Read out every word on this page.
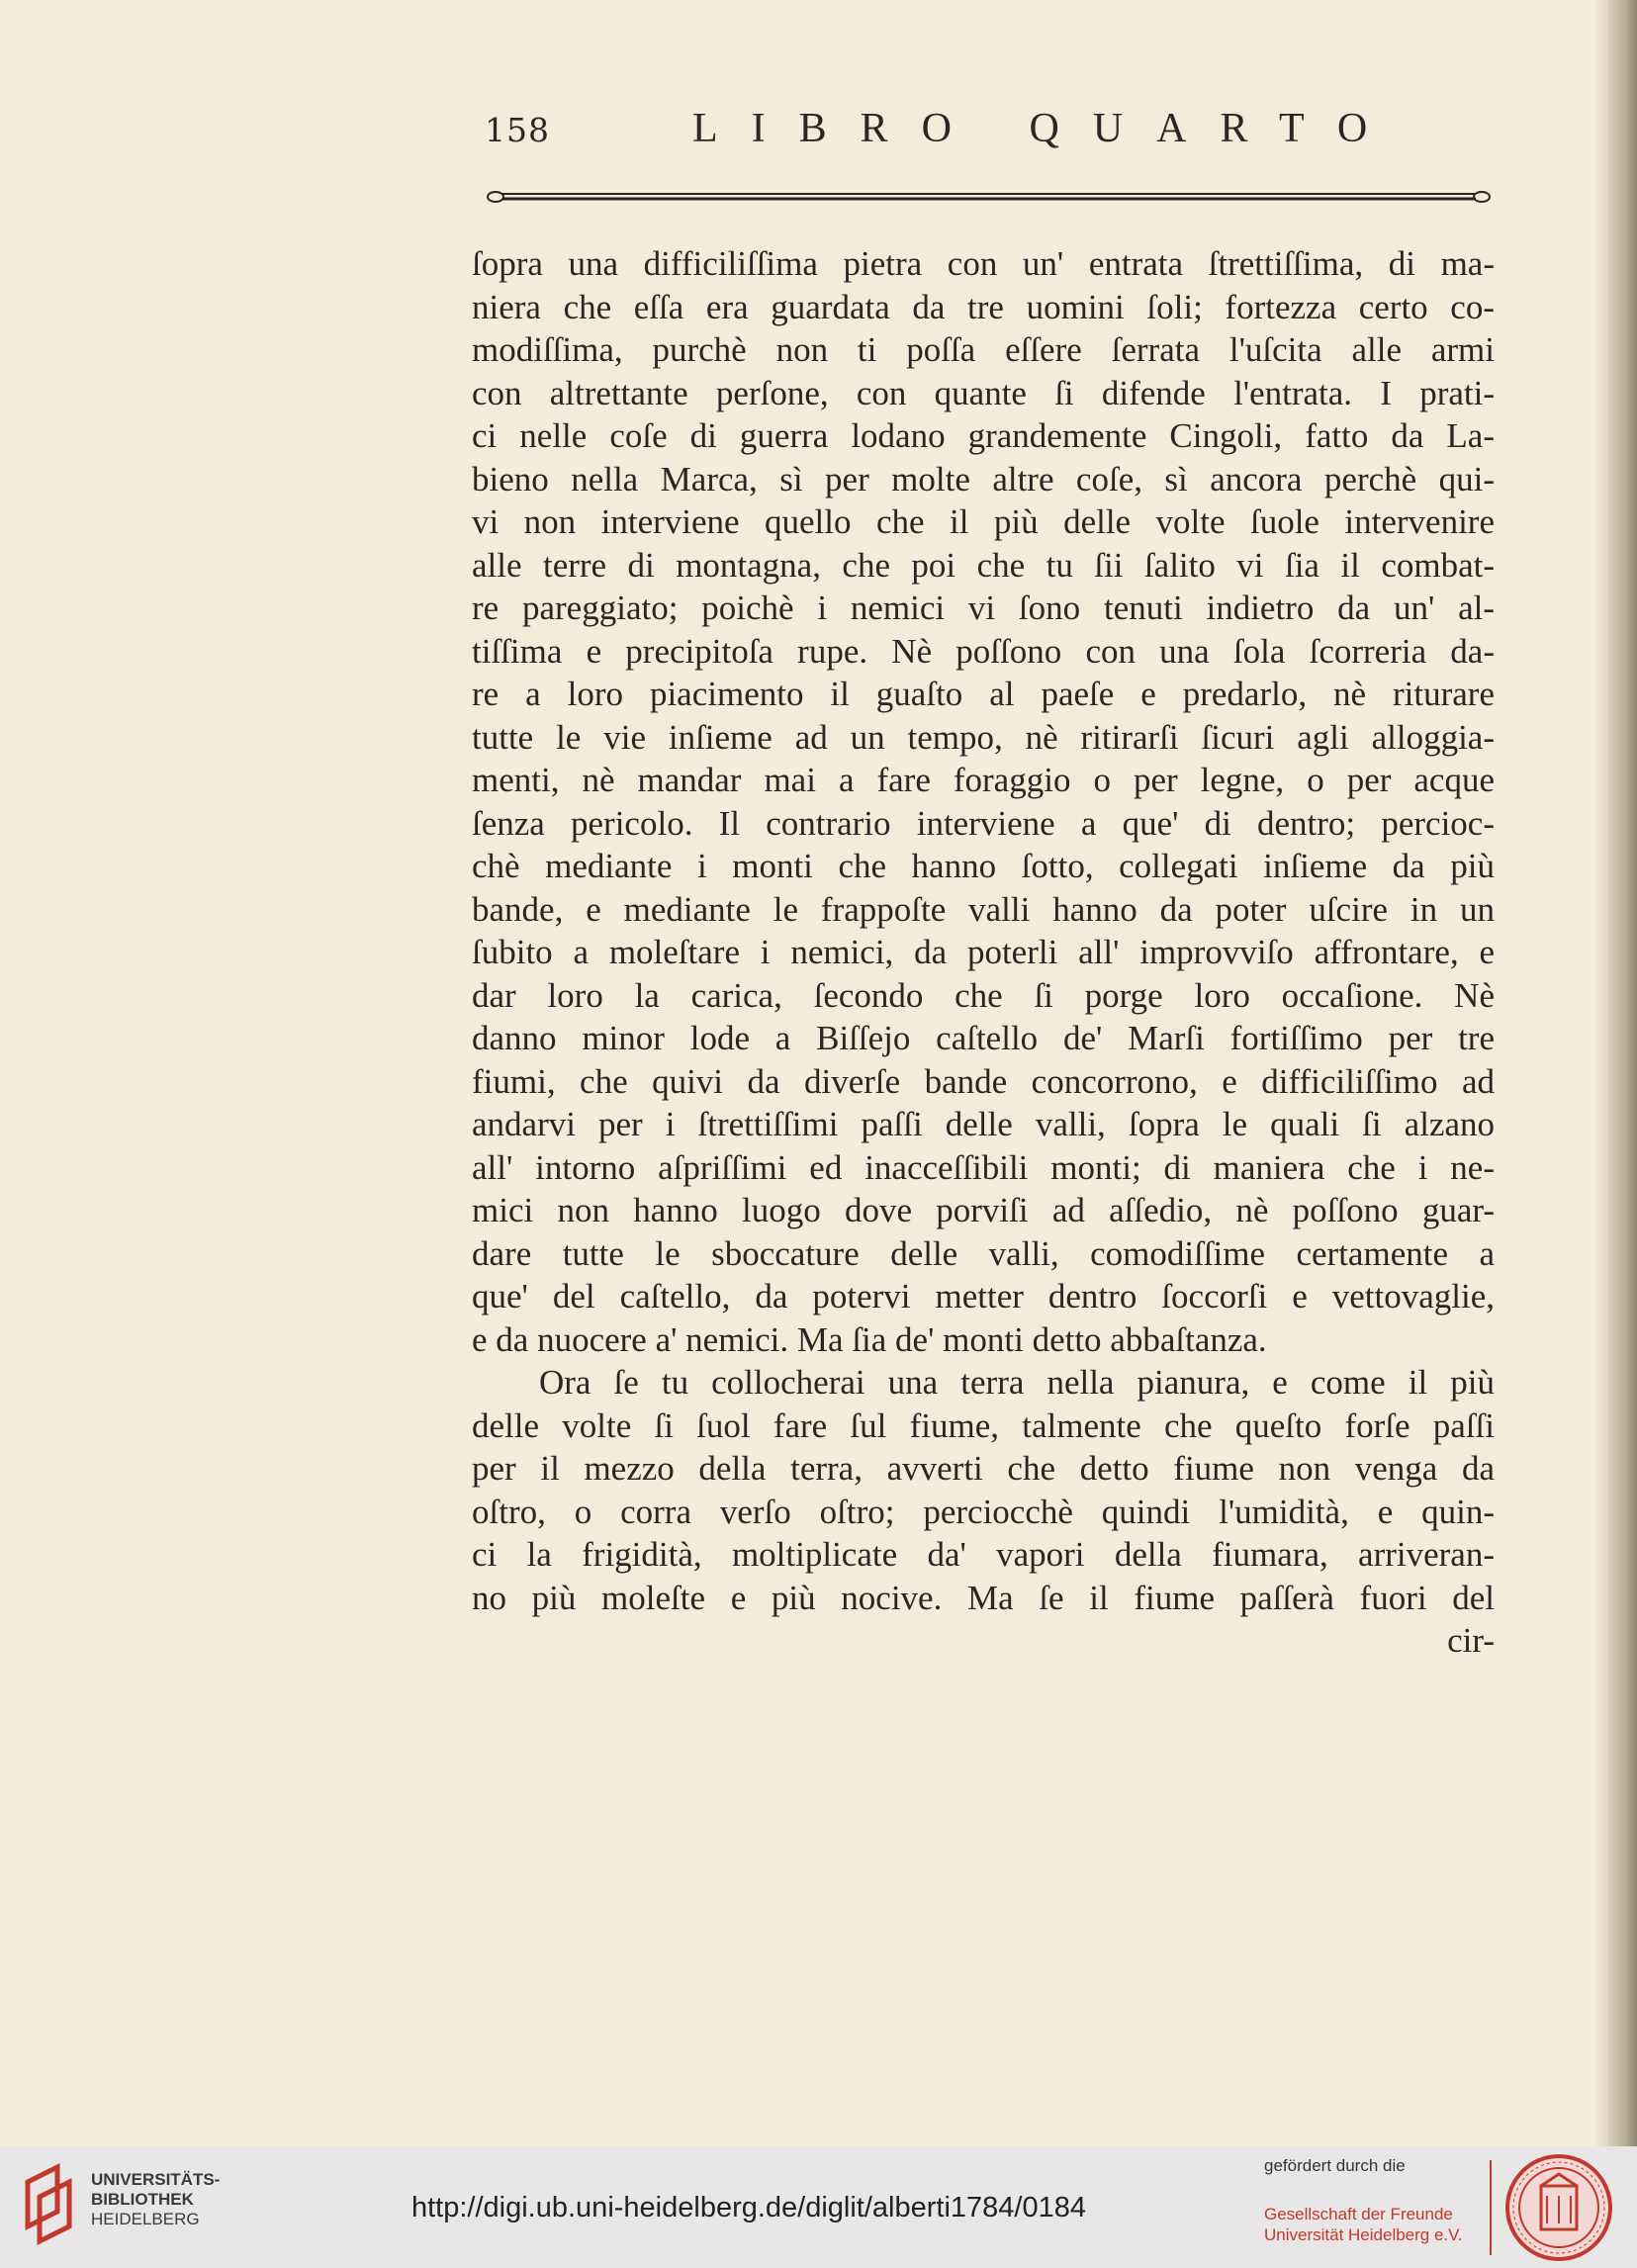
158	LIBRO QUARTO
ſopra una difficiliſſima pietra con un' entrata ſtrettiſſima, di ma-
niera che eſſa era guardata da tre uomini ſoli; fortezza certo co-
modiſſima, purchè non ti poſſa eſſere ſerrata l'uſcita alle armi
con altrettante perſone, con quante ſi difende l'entrata. I prati-
ci nelle coſe di guerra lodano grandemente Cingoli, fatto da La-
bieno nella Marca, sì per molte altre coſe, sì ancora perchè qui-
vi non interviene quello che il più delle volte ſuole intervenire
alle terre di montagna, che poi che tu ſii ſalito vi ſia il combat-
re pareggiato; poichè i nemici vi ſono tenuti indietro da un' al-
tiſſima e precipitoſa rupe. Nè poſſono con una ſola ſcorreria da-
re a loro piacimento il guaſto al paeſe e predarlo, nè riturare
tutte le vie inſieme ad un tempo, nè ritirarſi ſicuri agli alloggia-
menti, nè mandar mai a fare foraggio o per legne, o per acque
ſenza pericolo. Il contrario interviene a que' di dentro; percioc-
chè mediante i monti che hanno ſotto, collegati inſieme da più
bande, e mediante le frappoſte valli hanno da poter uſcire in un
ſubito a moleſtare i nemici, da poterli all' improvviſo affrontare, e
dar loro la carica, ſecondo che ſi porge loro occaſione. Nè
danno minor lode a Biſſejo caſtello de' Marſi fortiſſimo per tre
fiumi, che quivi da diverſe bande concorrono, e difficiliſſimo ad
andarvi per i ſtrettiſſimi paſſi delle valli, ſopra le quali ſi alzano
all' intorno aſpriſſimi ed inacceſſibili monti; di maniera che i ne-
mici non hanno luogo dove porviſi ad aſſedio, nè poſſono guar-
dare tutte le sboccature delle valli, comodiſſime certamente a
que' del caſtello, da potervi metter dentro ſoccorſi e vettovaglie,
e da nuocere a' nemici. Ma ſia de' monti detto abbaſtanza.
Ora ſe tu collocherai una terra nella pianura, e come il più
delle volte ſi ſuol fare ſul fiume, talmente che queſto forſe paſſi
per il mezzo della terra, avverti che detto fiume non venga da
oſtro, o corra verſo oſtro; perciocchè quindi l'umidità, e quin-
ci la frigidità, moltiplicate da' vapori della fiumara, arriveran-
no più moleſte e più nocive. Ma ſe il fiume paſſerà fuori del
cir-
UNIVERSITÄTS-
BIBLIOTHEK
HEIDELBERG	http://digi.ub.uni-heidelberg.de/diglit/alberti1784/0184
gefördert durch die
Gesellschaft der Freunde
Universität Heidelberg e.V.
